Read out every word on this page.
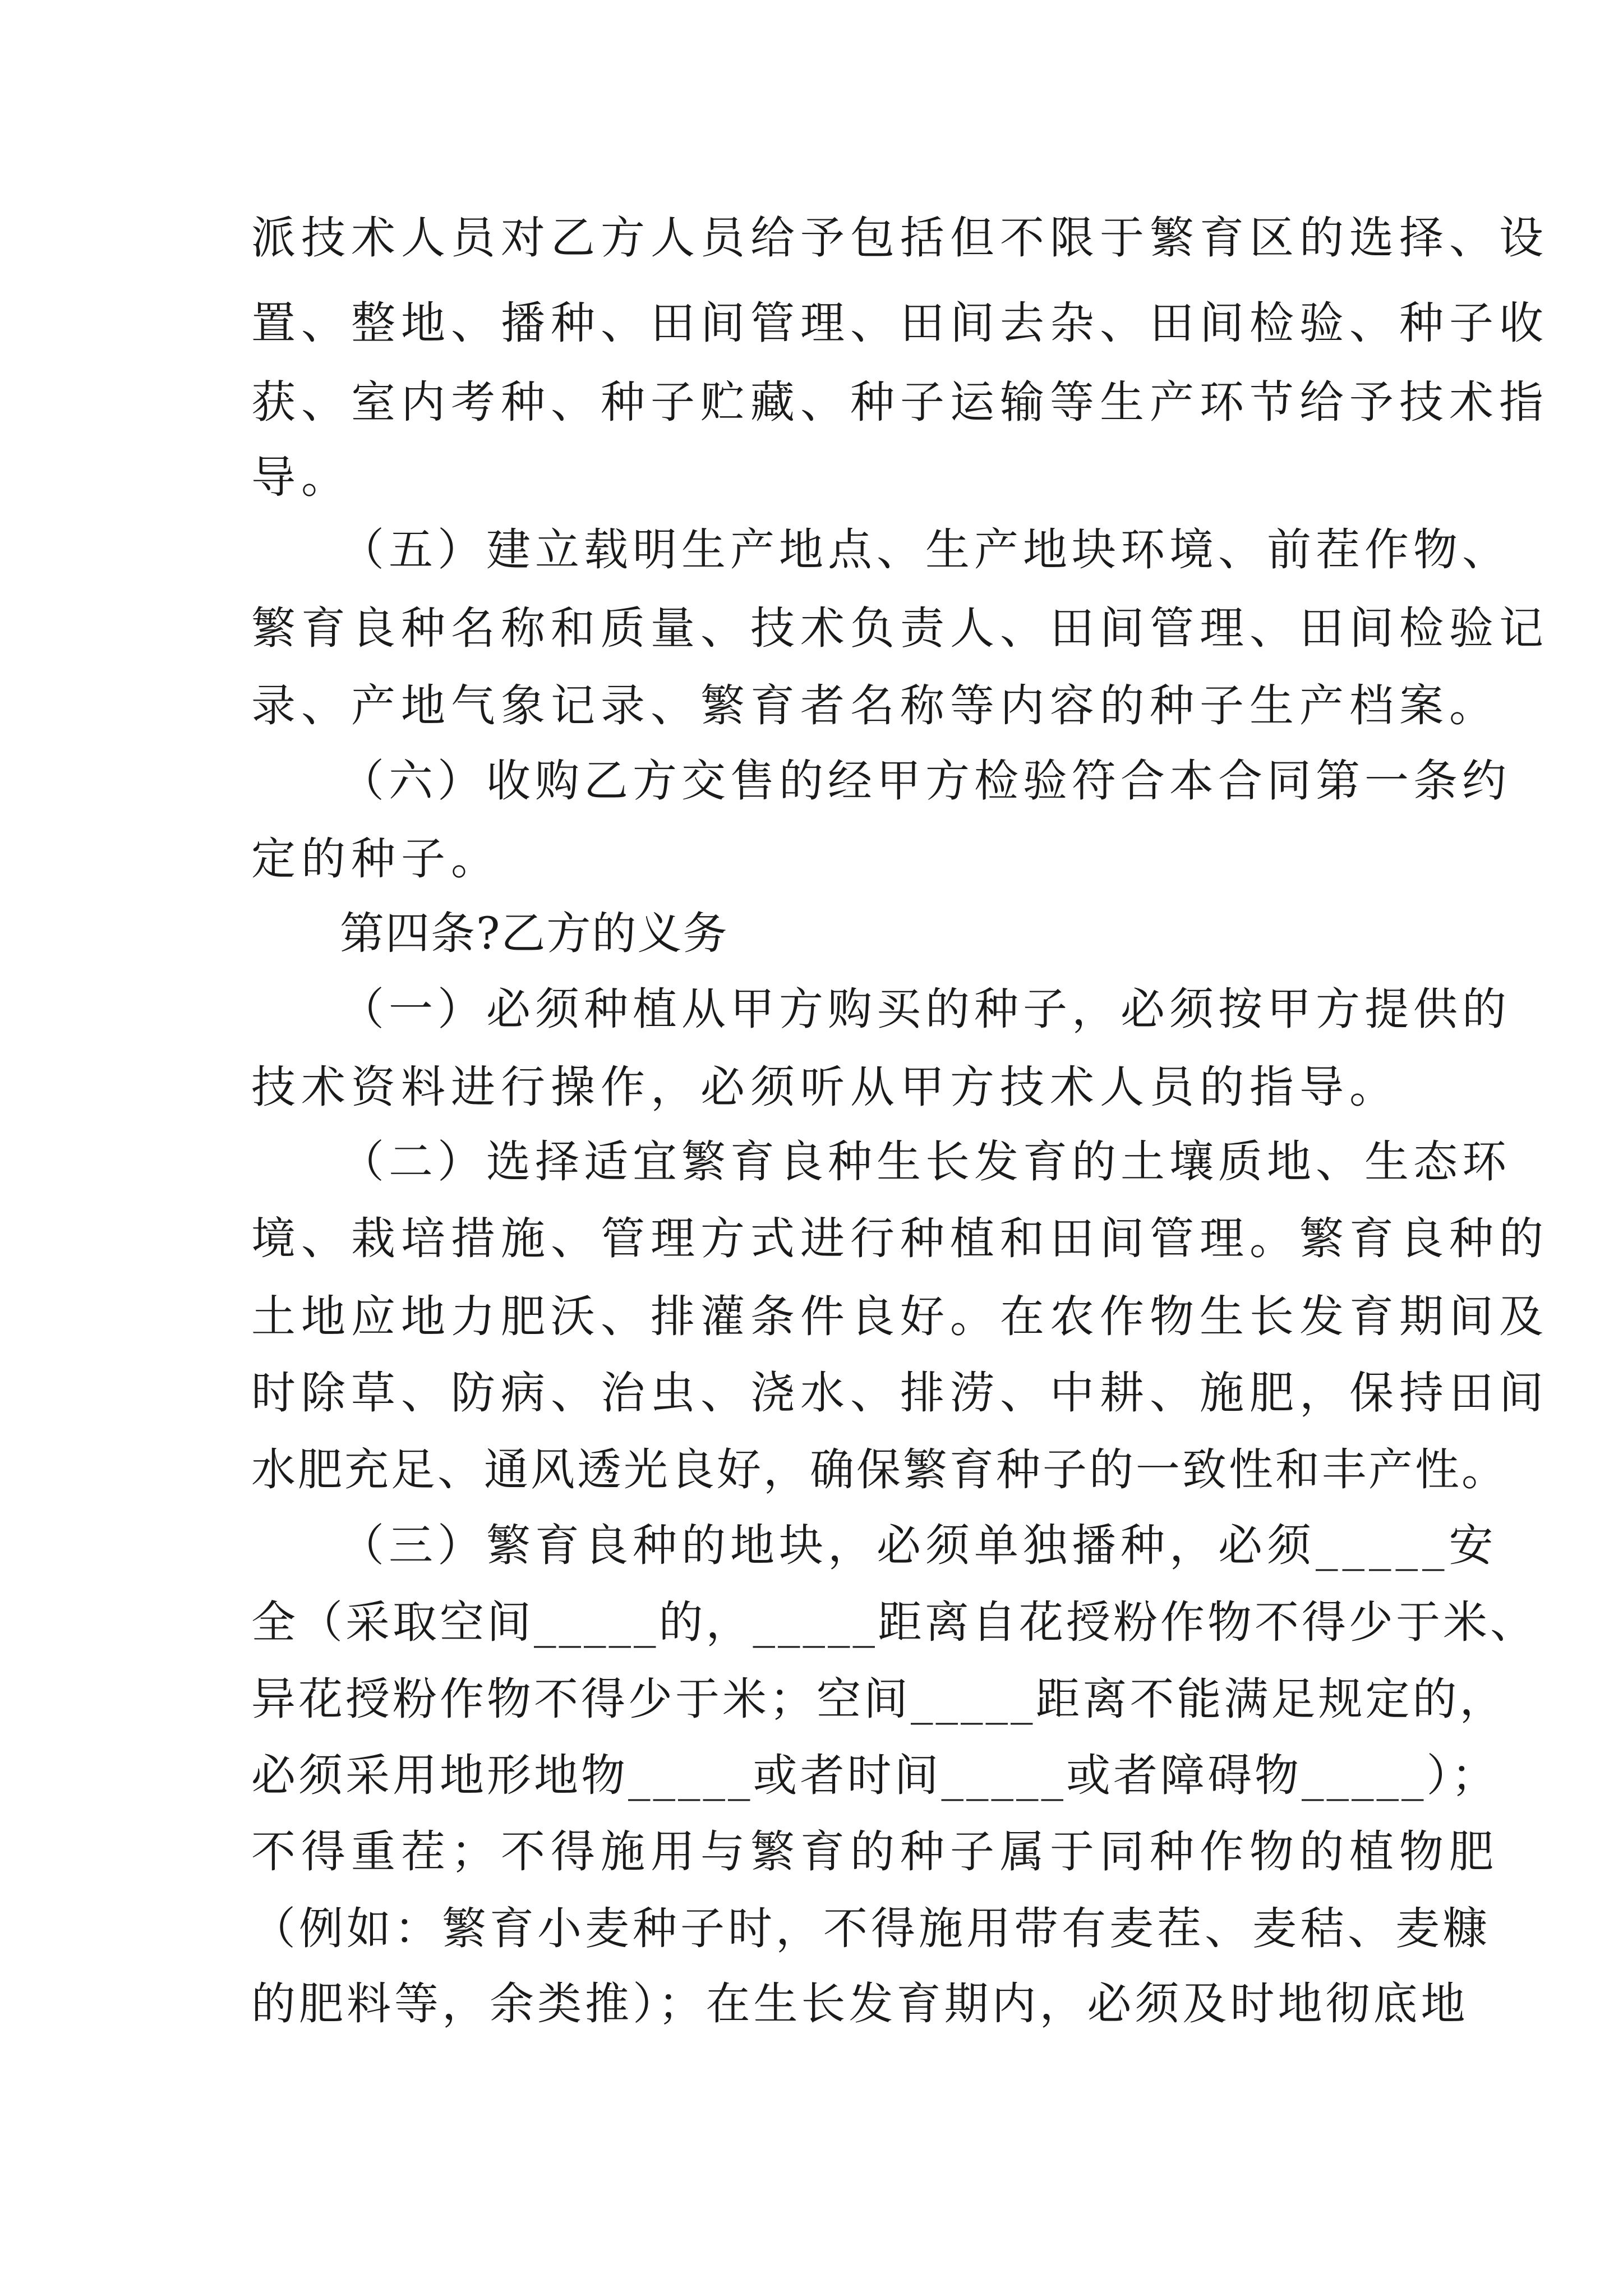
派技术人员对乙方人员给予包括但不限于繁育区的选择、设
置、整地、播种、田间管理、田间去杂、田间检验、种子收
获、室内考种、种子贮藏、种子运输等生产环节给予技术指
导。
（五）建立载明生产地点、生产地块环境、前茬作物、
繁育良种名称和质量、技术负责人、田间管理、田间检验记
录、产地气象记录、繁育者名称等内容的种子生产档案。
（六）收购乙方交售的经甲方检验符合本合同第一条约
定的种子。
第四条?乙方的义务
（一）必须种植从甲方购买的种子，必须按甲方提供的
技术资料进行操作，必须听从甲方技术人员的指导。
（二）选择适宜繁育良种生长发育的土壤质地、生态环
境、栽培措施、管理方式进行种植和田间管理。繁育良种的
土地应地力肥沃、排灌条件良好。在农作物生长发育期间及
时除草、防病、治虫、浇水、排涝、中耕、施肥，保持田间
水肥充足、通风透光良好，确保繁育种子的一致性和丰产性。
（三）繁育良种的地块，必须单独播种，必须_____安
全（采取空间_____的，_____距离自花授粉作物不得少于米、
异花授粉作物不得少于米；空间_____距离不能满足规定的，
必须采用地形地物_____或者时间_____或者障碍物_____）；
不得重茬；不得施用与繁育的种子属于同种作物的植物肥
（例如：繁育小麦种子时，不得施用带有麦茬、麦秸、麦糠
的肥料等，余类推）；在生长发育期内，必须及时地彻底地
